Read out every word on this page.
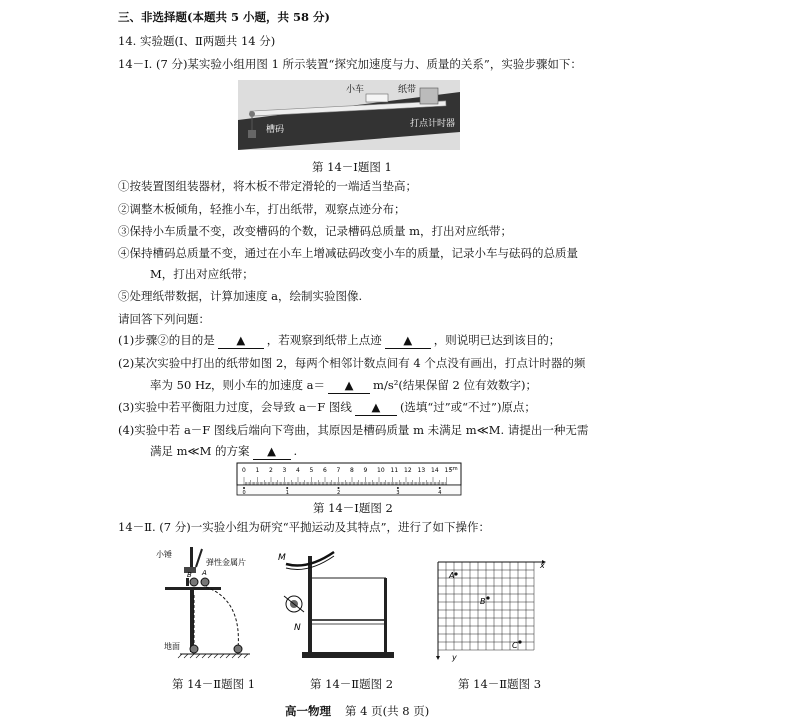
三、非选择题(本题共 5 小题，共 58 分)
14. 实验题(Ⅰ、Ⅱ两题共 14 分)
14－Ⅰ. (7 分)某实验小组用图 1 所示装置“探究加速度与力、质量的关系”，实验步骤如下：
小车	纸带
槽码
打点计时器
第 14－Ⅰ题图 1
①按装置图组装器材，将木板不带定滑轮的一端适当垫高；
②调整木板倾角，轻推小车，打出纸带，观察点迹分布；
③保持小车质量不变，改变槽码的个数，记录槽码总质量 m，打出对应纸带；
④保持槽码总质量不变，通过在小车上增减砝码改变小车的质量，记录小车与砝码的总质量
M，打出对应纸带；
⑤处理纸带数据，计算加速度 a，绘制实验图像.
请回答下列问题：
(1)步骤②的目的是 ▲ ，若观察到纸带上点迹 ▲ ，则说明已达到该目的；
(2)某次实验中打出的纸带如图 2，每两个相邻计数点间有 4 个点没有画出，打点计时器的频
率为 50 Hz，则小车的加速度 a＝ ▲ m/s²(结果保留 2 位有效数字)；
(3)实验中若平衡阻力过度，会导致 a－F 图线 ▲ (选填“过”或“不过”)原点；
(4)实验中若 a－F 图线后端向下弯曲，其原因是槽码质量 m 未满足 m≪M. 请提出一种无需
满足 m≪M 的方案 ▲ .
0 1 2 3 4 5 6 7 8 9 10 11 12 13 14 15
0	1	2	3	4
cm
第 14－Ⅰ题图 2
14－Ⅱ. (7 分)一实验小组为研究“平抛运动及其特点”，进行了如下操作：
小锤
弹性金属片
B A
地面
第 14－Ⅱ题图 1
M
N
第 14－Ⅱ题图 2
x
y
A
B
C
第 14－Ⅱ题图 3
高一物理 第 4 页(共 8 页)
